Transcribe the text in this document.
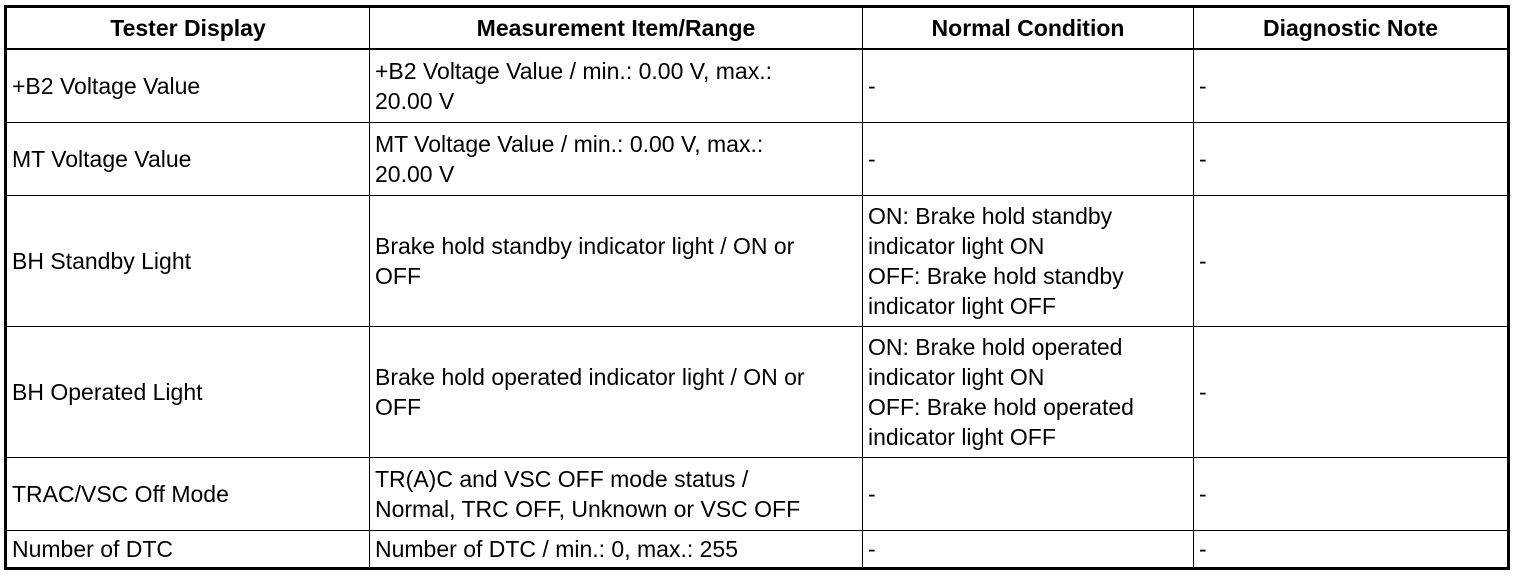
Tester Display	Measurement Item/Range	Normal Condition	Diagnostic Note
+B2 Voltage Value	+B2 Voltage Value / min.: 0.00 V, max.:
20.00 V	-	-
MT Voltage Value	MT Voltage Value / min.: 0.00 V, max.:
20.00 V	-	-
BH Standby Light	Brake hold standby indicator light / ON or
OFF	ON: Brake hold standby
indicator light ON
OFF: Brake hold standby
indicator light OFF	-
BH Operated Light	Brake hold operated indicator light / ON or
OFF	ON: Brake hold operated
indicator light ON
OFF: Brake hold operated
indicator light OFF	-
TRAC/VSC Off Mode	TR(A)C and VSC OFF mode status /
Normal, TRC OFF, Unknown or VSC OFF	-	-
Number of DTC	Number of DTC / min.: 0, max.: 255	-	-
